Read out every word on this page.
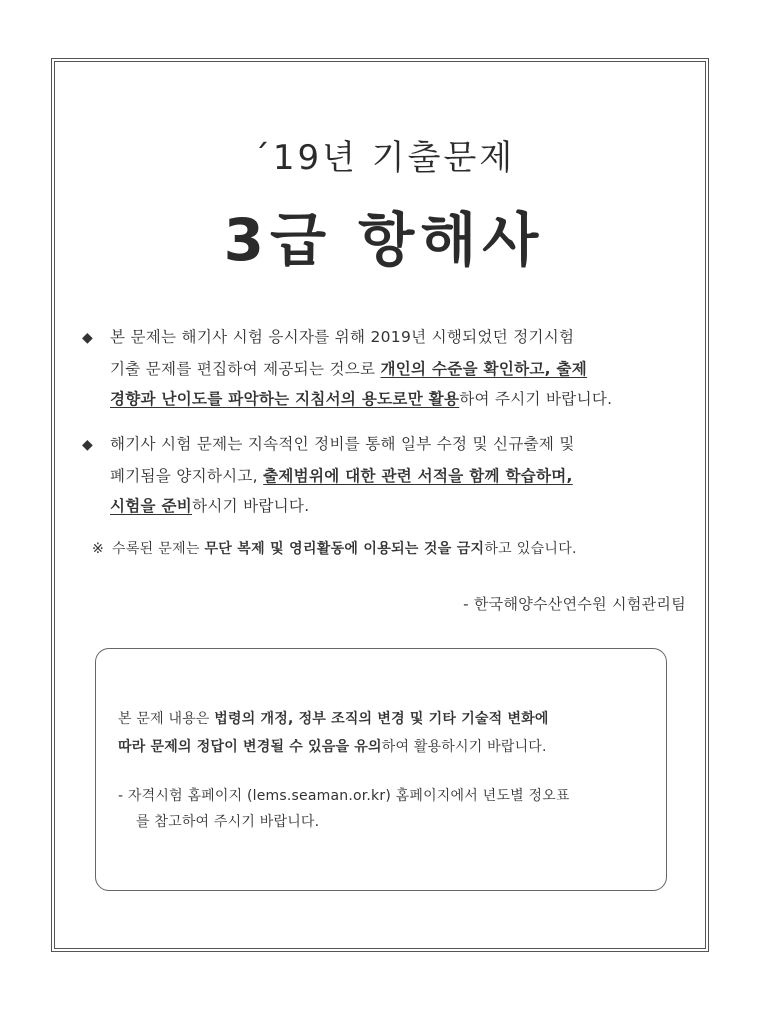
´19년 기출문제
3급 항해사
◆ 본 문제는 해기사 시험 응시자를 위해 2019년 시행되었던 정기시험
기출 문제를 편집하여 제공되는 것으로 개인의 수준을 확인하고, 출제
경향과 난이도를 파악하는 지침서의 용도로만 활용하여 주시기 바랍니다.
◆ 해기사 시험 문제는 지속적인 정비를 통해 일부 수정 및 신규출제 및
폐기됨을 양지하시고, 출제범위에 대한 관련 서적을 함께 학습하며,
시험을 준비하시기 바랍니다.
※ 수록된 문제는 무단 복제 및 영리활동에 이용되는 것을 금지하고 있습니다.
- 한국해양수산연수원 시험관리팀
본 문제 내용은 법령의 개정, 정부 조직의 변경 및 기타 기술적 변화에
따라 문제의 정답이 변경될 수 있음을 유의하여 활용하시기 바랍니다.
- 자격시험 홈페이지 (lems.seaman.or.kr) 홈페이지에서 년도별 정오표
를 참고하여 주시기 바랍니다.
